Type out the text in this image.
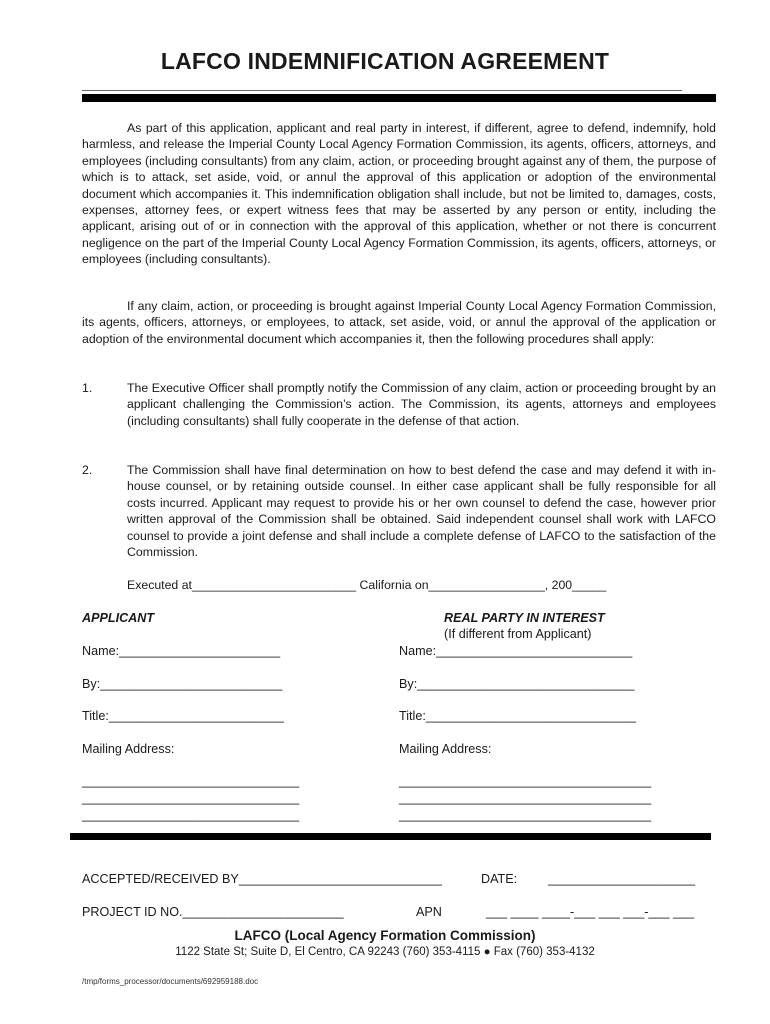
LAFCO INDEMNIFICATION AGREEMENT

As part of this application, applicant and real party in interest, if different, agree to defend, indemnify, hold harmless, and release the Imperial County Local Agency Formation Commission, its agents, officers, attorneys, and employees (including consultants) from any claim, action, or proceeding brought against any of them, the purpose of which is to attack, set aside, void, or annul the approval of this application or adoption of the environmental document which accompanies it. This indemnification obligation shall include, but not be limited to, damages, costs, expenses, attorney fees, or expert witness fees that may be asserted by any person or entity, including the applicant, arising out of or in connection with the approval of this application, whether or not there is concurrent negligence on the part of the Imperial County Local Agency Formation Commission, its agents, officers, attorneys, or employees (including consultants).

If any claim, action, or proceeding is brought against Imperial County Local Agency Formation Commission, its agents, officers, attorneys, or employees, to attack, set aside, void, or annul the approval of the application or adoption of the environmental document which accompanies it, then the following procedures shall apply:

1.	The Executive Officer shall promptly notify the Commission of any claim, action or proceeding brought by an applicant challenging the Commission’s action. The Commission, its agents, attorneys and employees (including consultants) shall fully cooperate in the defense of that action.

2.	The Commission shall have final determination on how to best defend the case and may defend it with in-house counsel, or by retaining outside counsel. In either case applicant shall be fully responsible for all costs incurred. Applicant may request to provide his or her own counsel to defend the case, however prior written approval of the Commission shall be obtained. Said independent counsel shall work with LAFCO counsel to provide a joint defense and shall include a complete defense of LAFCO to the satisfaction of the Commission.

Executed at________________________ California on_________________, 200_____
APPLICANT	REAL PARTY IN INTEREST
(If different from Applicant)
Name:_______________________	Name:____________________________
By:__________________________	By:_______________________________
Title:_________________________	Title:______________________________
Mailing Address:	Mailing Address:
_______________________________
_______________________________
_______________________________
____________________________________
____________________________________
____________________________________
ACCEPTED/RECEIVED BY_____________________________	DATE: _____________________
PROJECT ID NO._______________________	APN	___ ____ ____-___ ___ ___-___ ___
LAFCO (Local Agency Formation Commission)
1122 State St; Suite D, El Centro, CA 92243 (760) 353-4115 ● Fax (760) 353-4132
/tmp/forms_processor/documents/692959188.doc
